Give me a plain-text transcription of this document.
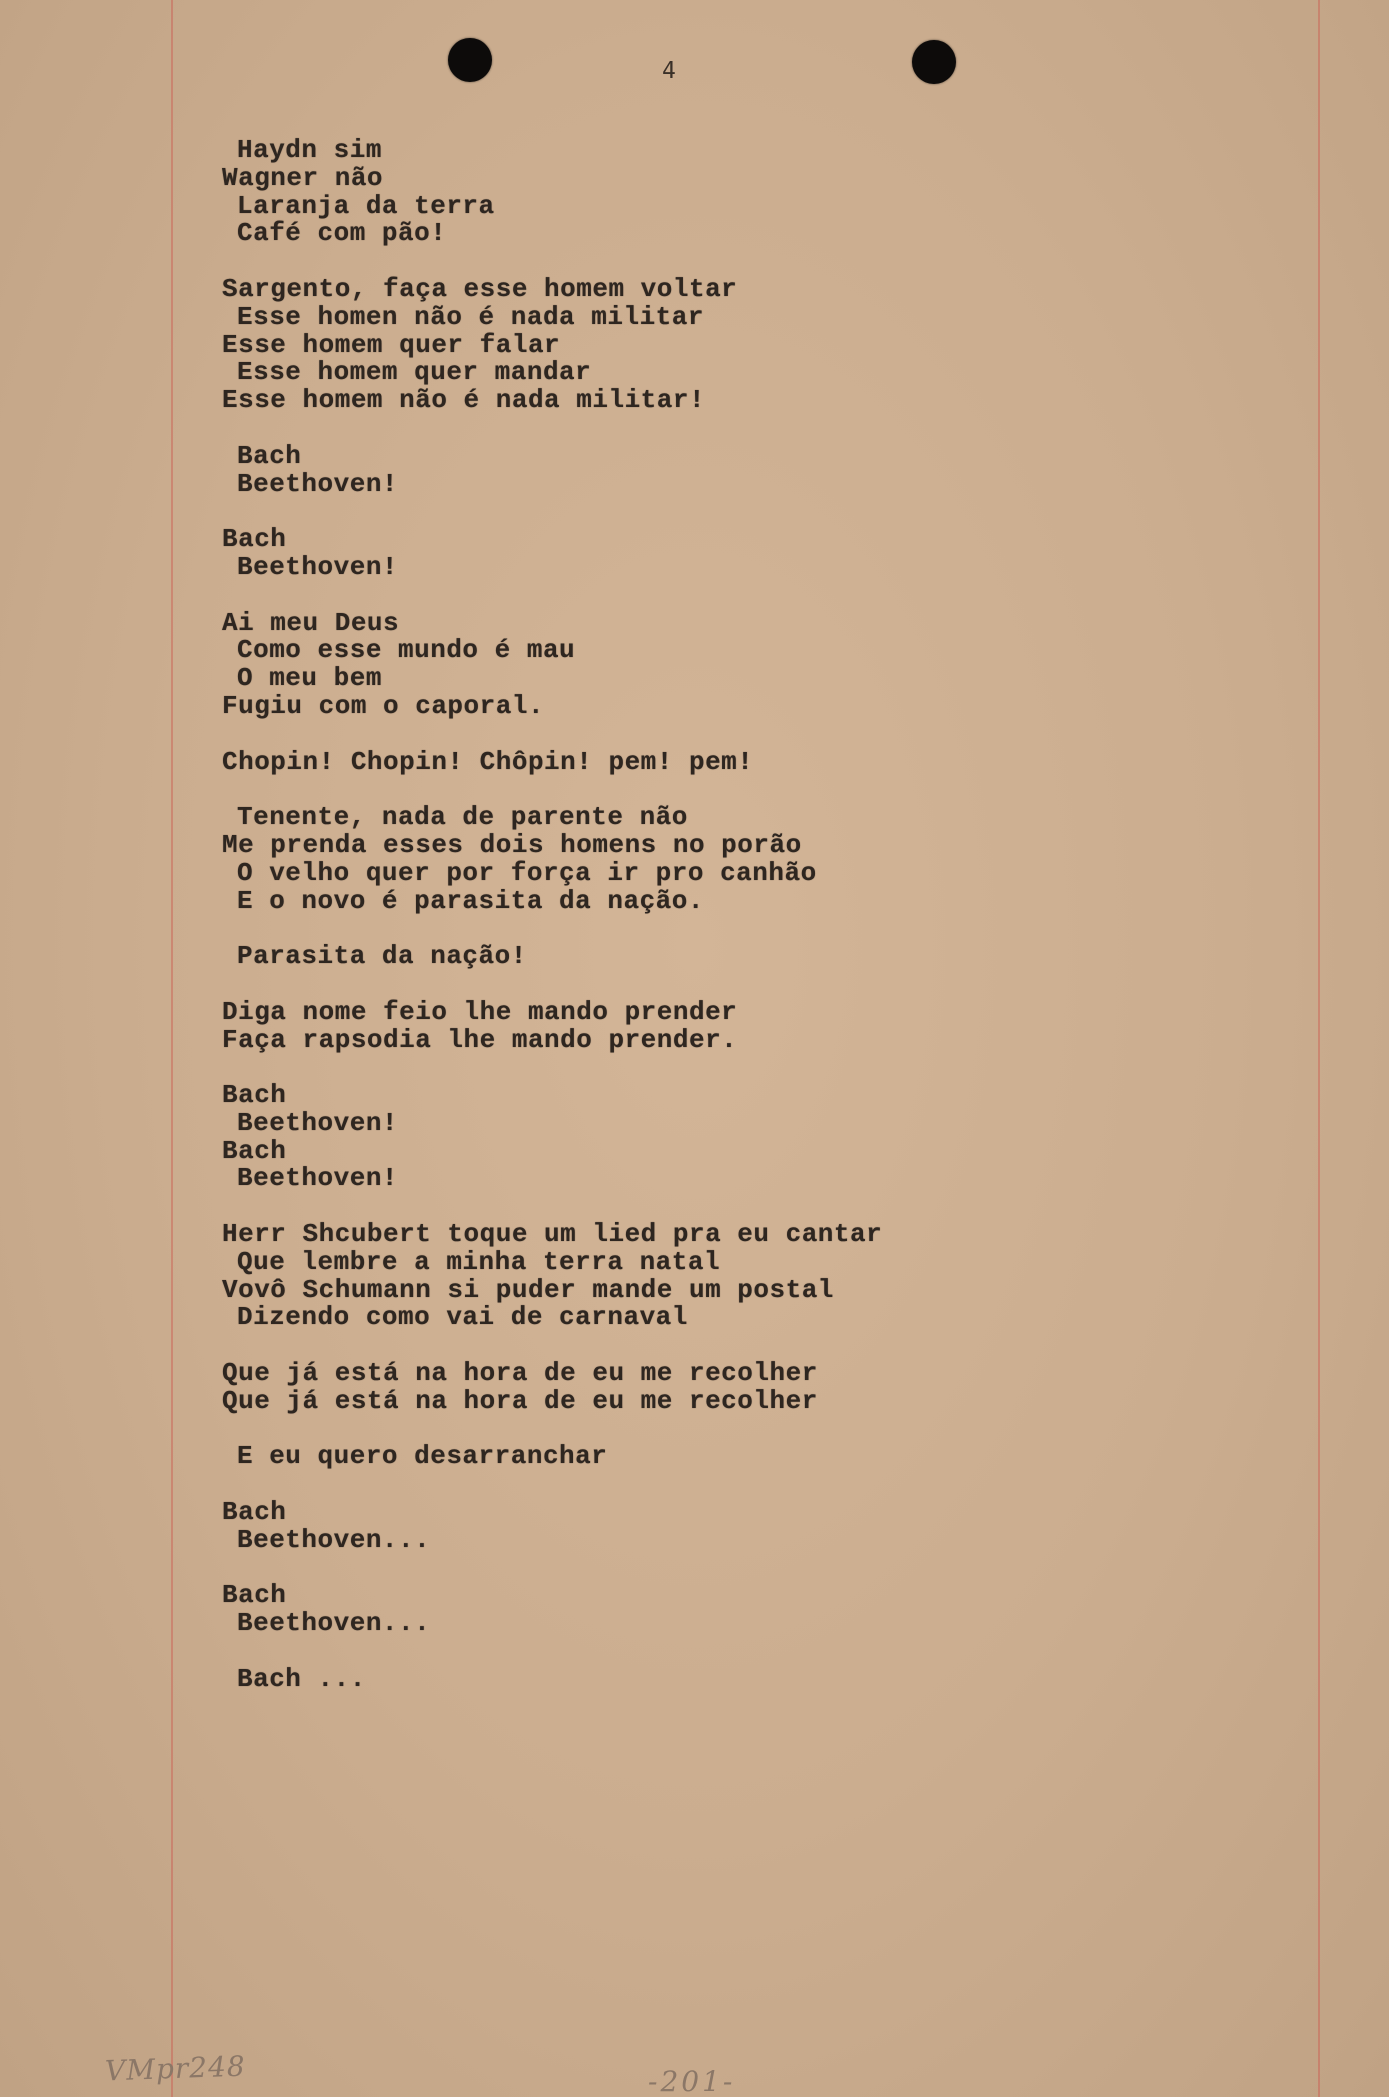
4
Haydn sim
Wagner não
Laranja da terra
Café com pão!
Sargento, faça esse homem voltar
Esse homen não é nada militar
Esse homem quer falar
Esse homem quer mandar
Esse homem não é nada militar!
Bach
Beethoven!
Bach
Beethoven!
Ai meu Deus
Como esse mundo é mau
O meu bem
Fugiu com o caporal.
Chopin! Chopin! Chôpin! pem! pem!
Tenente, nada de parente não
Me prenda esses dois homens no porão
O velho quer por força ir pro canhão
E o novo é parasita da nação.
Parasita da nação!
Diga nome feio lhe mando prender
Faça rapsodia lhe mando prender.
Bach
Beethoven!
Bach
Beethoven!
Herr Shcubert toque um lied pra eu cantar
Que lembre a minha terra natal
Vovô Schumann si puder mande um postal
Dizendo como vai de carnaval
Que já está na hora de eu me recolher
Que já está na hora de eu me recolher
E eu quero desarranchar
Bach
Beethoven...
Bach
Beethoven...
Bach ...
VMpr248	-201-
